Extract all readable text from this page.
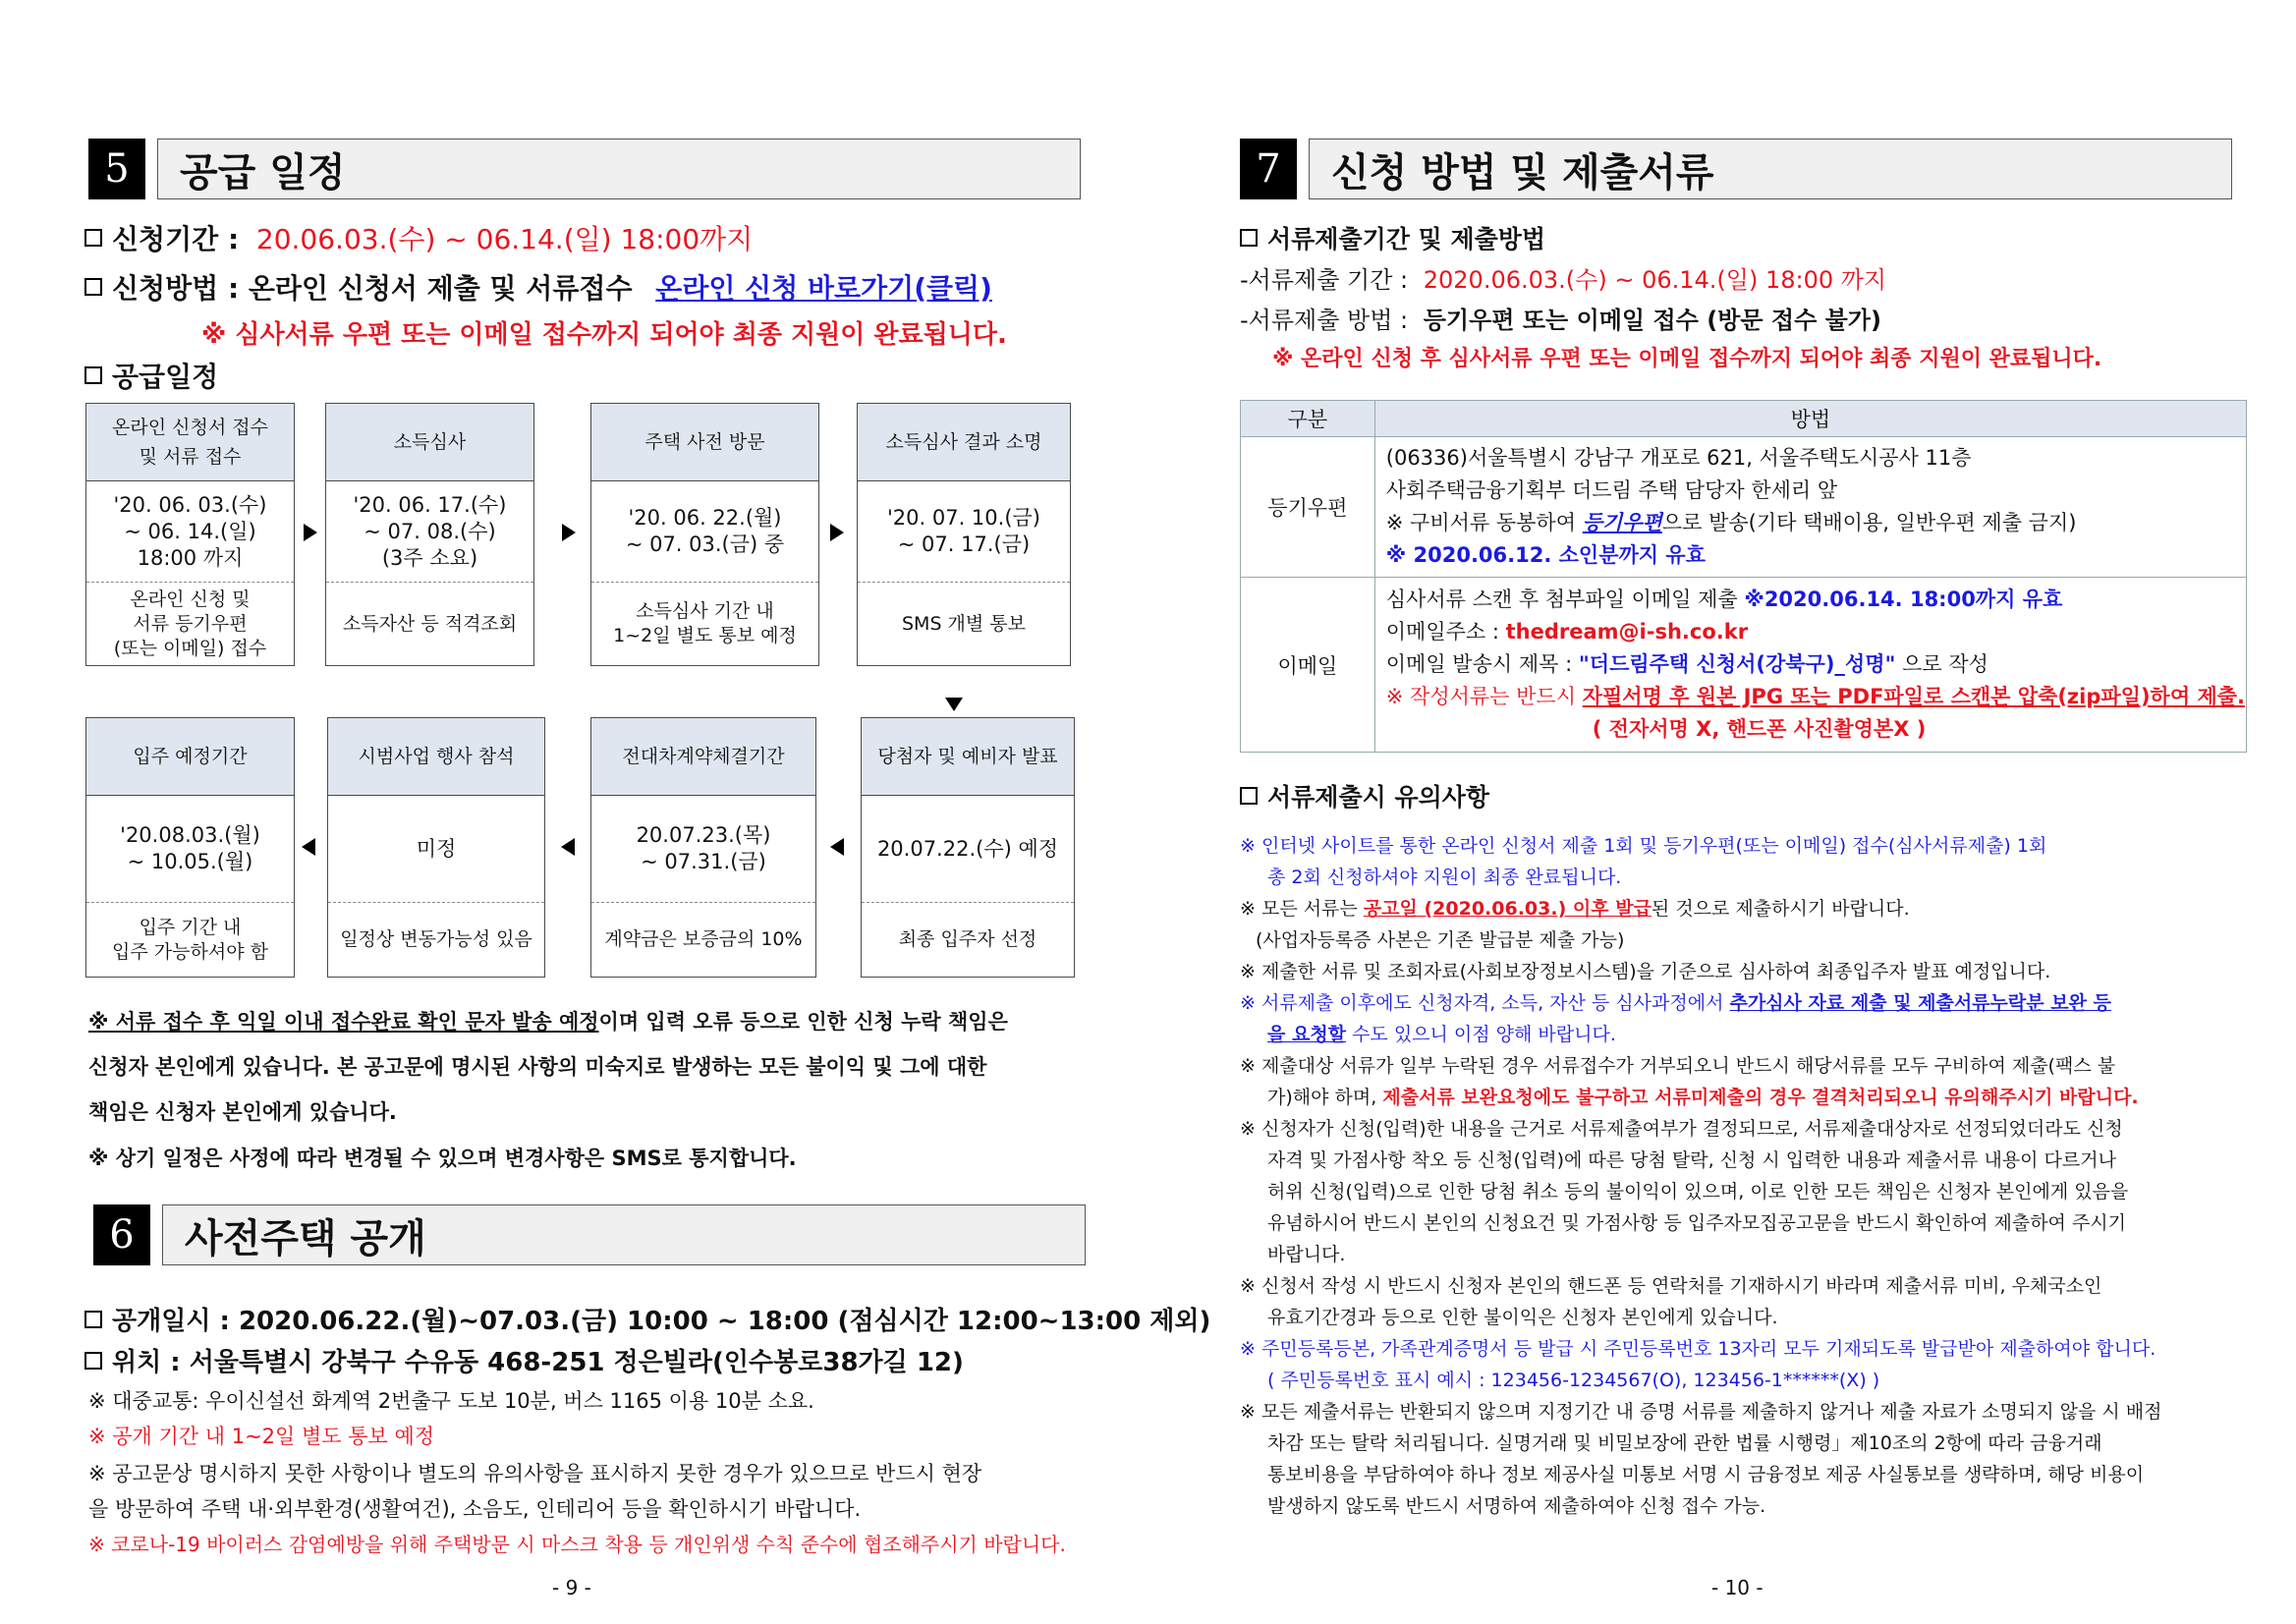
5	공급 일정
신청기간 : 20.06.03.(수) ~ 06.14.(일) 18:00까지
신청방법 : 온라인 신청서 제출 및 서류접수 온라인 신청 바로가기(클릭)
※ 심사서류 우편 또는 이메일 접수까지 되어야 최종 지원이 완료됩니다.
공급일정
온라인 신청서 접수
및 서류 접수
'20. 06. 03.(수)
~ 06. 14.(일)
18:00 까지
온라인 신청 및
서류 등기우편
(또는 이메일) 접수
소득심사
'20. 06. 17.(수)
~ 07. 08.(수)
(3주 소요)
소득자산 등 적격조회
주택 사전 방문
'20. 06. 22.(월)
~ 07. 03.(금) 중
소득심사 기간 내
1~2일 별도 통보 예정
소득심사 결과 소명
'20. 07. 10.(금)
~ 07. 17.(금)
SMS 개별 통보
입주 예정기간
'20.08.03.(월)
~ 10.05.(월)
입주 기간 내
입주 가능하셔야 함
시범사업 행사 참석
미정
일정상 변동가능성 있음
전대차계약체결기간
20.07.23.(목)
~ 07.31.(금)
계약금은 보증금의 10%
당첨자 및 예비자 발표
20.07.22.(수) 예정
최종 입주자 선정
※ 서류 접수 후 익일 이내 접수완료 확인 문자 발송 예정이며 입력 오류 등으로 인한 신청 누락 책임은
신청자 본인에게 있습니다. 본 공고문에 명시된 사항의 미숙지로 발생하는 모든 불이익 및 그에 대한
책임은 신청자 본인에게 있습니다.
※ 상기 일정은 사정에 따라 변경될 수 있으며 변경사항은 SMS로 통지합니다.
6	사전주택 공개
공개일시 : 2020.06.22.(월)~07.03.(금) 10:00 ~ 18:00 (점심시간 12:00~13:00 제외)
위치 : 서울특별시 강북구 수유동 468-251 정은빌라(인수봉로38가길 12)
※ 대중교통: 우이신설선 화계역 2번출구 도보 10분, 버스 1165 이용 10분 소요.
※ 공개 기간 내 1~2일 별도 통보 예정
※ 공고문상 명시하지 못한 사항이나 별도의 유의사항을 표시하지 못한 경우가 있으므로 반드시 현장
을 방문하여 주택 내·외부환경(생활여건), 소음도, 인테리어 등을 확인하시기 바랍니다.
※ 코로나-19 바이러스 감염예방을 위해 주택방문 시 마스크 착용 등 개인위생 수칙 준수에 협조해주시기 바랍니다.
- 9 -
7	신청 방법 및 제출서류
서류제출기간 및 제출방법
-서류제출 기간 : 2020.06.03.(수) ~ 06.14.(일) 18:00 까지
-서류제출 방법 : 등기우편 또는 이메일 접수 (방문 접수 불가)
※ 온라인 신청 후 심사서류 우편 또는 이메일 접수까지 되어야 최종 지원이 완료됩니다.
구분	방법
등기우편	(06336)서울특별시 강남구 개포로 621, 서울주택도시공사 11층
사회주택금융기획부 더드림 주택 담당자 한세리 앞
※ 구비서류 동봉하여 등기우편으로 발송(기타 택배이용, 일반우편 제출 금지)
※ 2020.06.12. 소인분까지 유효

이메일	심사서류 스캔 후 첨부파일 이메일 제출 ※2020.06.14. 18:00까지 유효
이메일주소 : thedream@i-sh.co.kr
이메일 발송시 제목 : "더드림주택 신청서(강북구)_성명" 으로 작성
※ 작성서류는 반드시 자필서명 후 원본 JPG 또는 PDF파일로 스캔본 압축(zip파일)하여 제출.
( 전자서명 X, 핸드폰 사진촬영본X )
서류제출시 유의사항
※ 인터넷 사이트를 통한 온라인 신청서 제출 1회 및 등기우편(또는 이메일) 접수(심사서류제출) 1회
총 2회 신청하셔야 지원이 최종 완료됩니다.
※ 모든 서류는 공고일 (2020.06.03.) 이후 발급된 것으로 제출하시기 바랍니다.
(사업자등록증 사본은 기존 발급분 제출 가능)
※ 제출한 서류 및 조회자료(사회보장정보시스템)을 기준으로 심사하여 최종입주자 발표 예정입니다.
※ 서류제출 이후에도 신청자격, 소득, 자산 등 심사과정에서 추가심사 자료 제출 및 제출서류누락분 보완 등
을 요청할 수도 있으니 이점 양해 바랍니다.
※ 제출대상 서류가 일부 누락된 경우 서류접수가 거부되오니 반드시 해당서류를 모두 구비하여 제출(팩스 불
가)해야 하며, 제출서류 보완요청에도 불구하고 서류미제출의 경우 결격처리되오니 유의해주시기 바랍니다.
※ 신청자가 신청(입력)한 내용을 근거로 서류제출여부가 결정되므로, 서류제출대상자로 선정되었더라도 신청
자격 및 가점사항 착오 등 신청(입력)에 따른 당첨 탈락, 신청 시 입력한 내용과 제출서류 내용이 다르거나
허위 신청(입력)으로 인한 당첨 취소 등의 불이익이 있으며, 이로 인한 모든 책임은 신청자 본인에게 있음을
유념하시어 반드시 본인의 신청요건 및 가점사항 등 입주자모집공고문을 반드시 확인하여 제출하여 주시기
바랍니다.
※ 신청서 작성 시 반드시 신청자 본인의 핸드폰 등 연락처를 기재하시기 바라며 제출서류 미비, 우체국소인
유효기간경과 등으로 인한 불이익은 신청자 본인에게 있습니다.
※ 주민등록등본, 가족관계증명서 등 발급 시 주민등록번호 13자리 모두 기재되도록 발급받아 제출하여야 합니다.
( 주민등록번호 표시 예시 : 123456-1234567(O), 123456-1******(X) )
※ 모든 제출서류는 반환되지 않으며 지정기간 내 증명 서류를 제출하지 않거나 제출 자료가 소명되지 않을 시 배점
차감 또는 탈락 처리됩니다. 실명거래 및 비밀보장에 관한 법률 시행령」제10조의 2항에 따라 금융거래
통보비용을 부담하여야 하나 정보 제공사실 미통보 서명 시 금융정보 제공 사실통보를 생략하며, 해당 비용이
발생하지 않도록 반드시 서명하여 제출하여야 신청 접수 가능.
- 10 -
